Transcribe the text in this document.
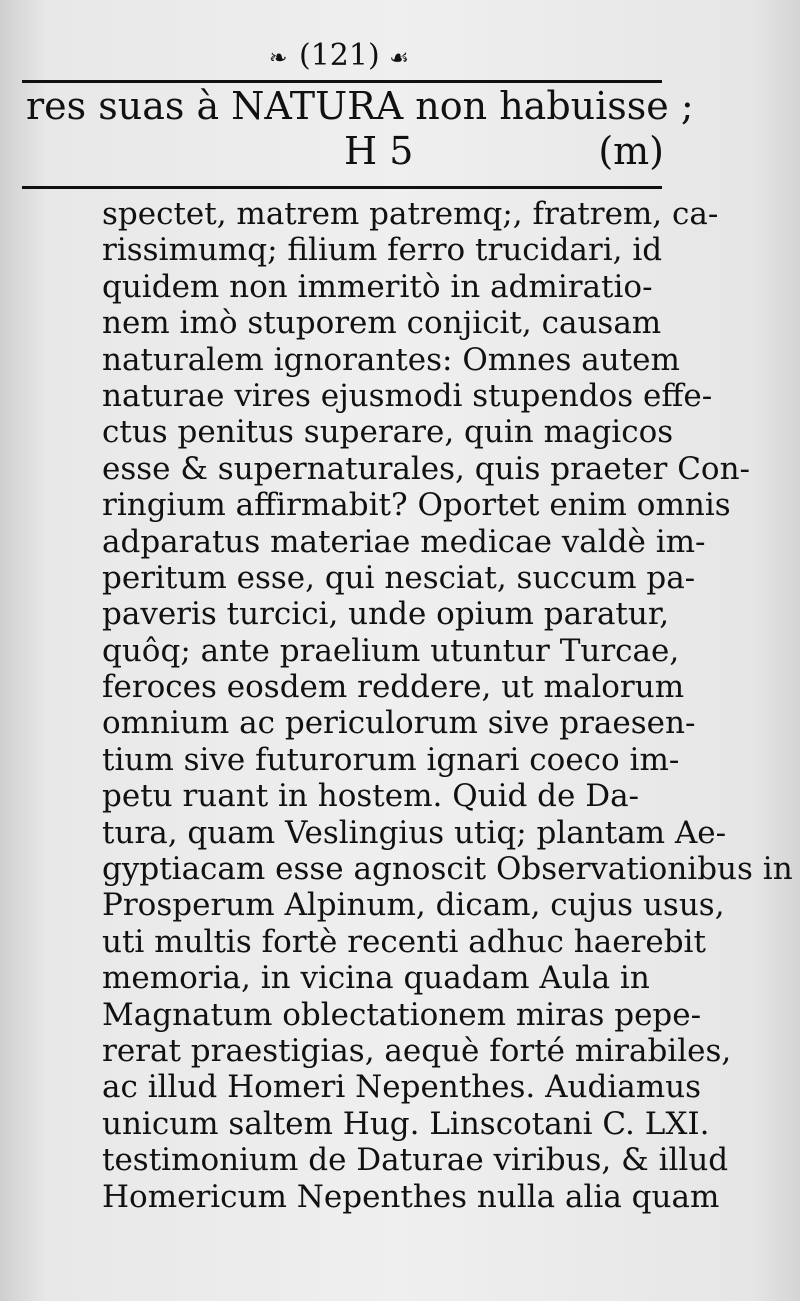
❧ (121) ☙
res suas à NATURA non habuisse ;
H 5	(m)
spectet, matrem patremq;, fratrem, ca-
rissimumq; filium ferro trucidari, id
quidem non immeritò in admiratio-
nem imò stuporem conjicit, causam
naturalem ignorantes: Omnes autem
naturae vires ejusmodi stupendos effe-
ctus penitus superare, quin magicos
esse & supernaturales, quis praeter Con-
ringium affirmabit? Oportet enim omnis
adparatus materiae medicae valdè im-
peritum esse, qui nesciat, succum pa-
paveris turcici, unde opium paratur,
quôq; ante praelium utuntur Turcae,
feroces eosdem reddere, ut malorum
omnium ac periculorum sive praesen-
tium sive futurorum ignari coeco im-
petu ruant in hostem. Quid de Da-
tura, quam Veslingius utiq; plantam Ae-
gyptiacam esse agnoscit Observationibus in
Prosperum Alpinum, dicam, cujus usus,
uti multis fortè recenti adhuc haerebit
memoria, in vicina quadam Aula in
Magnatum oblectationem miras pepe-
rerat praestigias, aequè forté mirabiles,
ac illud Homeri Nepenthes. Audiamus
unicum saltem Hug. Linscotani C. LXI.
testimonium de Daturae viribus, & illud
Homericum Nepenthes nulla alia quam
